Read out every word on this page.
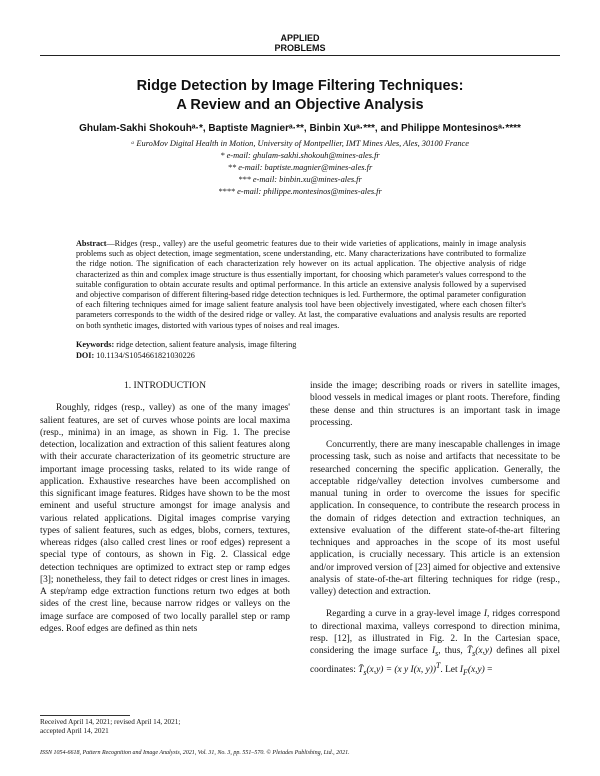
APPLIED
PROBLEMS
Ridge Detection by Image Filtering Techniques:
A Review and an Objective Analysis
Ghulam-Sakhi Shokouhᵃ·*, Baptiste Magnierᵃ·**, Binbin Xuᵃ·***, and Philippe Montesinosᵃ·****
ᵃ EuroMov Digital Health in Motion, University of Montpellier, IMT Mines Ales, Ales, 30100 France
* e-mail: ghulam-sakhi.shokouh@mines-ales.fr
** e-mail: baptiste.magnier@mines-ales.fr
*** e-mail: binbin.xu@mines-ales.fr
**** e-mail: philippe.montesinos@mines-ales.fr
Abstract—Ridges (resp., valley) are the useful geometric features due to their wide varieties of applications, mainly in image analysis problems such as object detection, image segmentation, scene understanding, etc. Many characterizations have contributed to formalize the ridge notion. The signification of each characterization rely however on its actual application. The objective analysis of ridge characterized as thin and complex image structure is thus essentially important, for choosing which parameter's values correspond to the suitable configuration to obtain accurate results and optimal performance. In this article an extensive analysis followed by a supervised and objective comparison of different filtering-based ridge detection techniques is led. Furthermore, the optimal parameter configuration of each filtering techniques aimed for image salient feature analysis tool have been objectively investigated, where each chosen filter's parameters corresponds to the width of the desired ridge or valley. At last, the comparative evaluations and analysis results are reported on both synthetic images, distorted with various types of noises and real images.
Keywords: ridge detection, salient feature analysis, image filtering
DOI: 10.1134/S1054661821030226

1. INTRODUCTION

Roughly, ridges (resp., valley) as one of the many images' salient features, are set of curves whose points are local maxima (resp., minima) in an image, as shown in Fig. 1. The precise detection, localization and extraction of this salient features along with their accurate characterization of its geometric structure are important image processing tasks, related to its wide range of application. Exhaustive researches have been accomplished on this significant image features. Ridges have shown to be the most eminent and useful structure amongst for image analysis and various related applications. Digital images comprise varying types of salient features, such as edges, blobs, corners, textures, whereas ridges (also called crest lines or roof edges) represent a special type of contours, as shown in Fig. 2. Classical edge detection techniques are optimized to extract step or ramp edges [3]; nonetheless, they fail to detect ridges or crest lines in images. A step/ramp edge extraction functions return two edges at both sides of the crest line, because narrow ridges or valleys on the image surface are composed of two locally parallel step or ramp edges. Roof edges are defined as thin nets

inside the image; describing roads or rivers in satellite images, blood vessels in medical images or plant roots. Therefore, finding these dense and thin structures is an important task in image processing.

Concurrently, there are many inescapable challenges in image processing task, such as noise and artifacts that necessitate to be researched concerning the specific application. Generally, the acceptable ridge/valley detection involves cumbersome and manual tuning in order to overcome the issues for specific application. In consequence, to contribute the research process in the domain of ridges detection and extraction techniques, an extensive evaluation of the different state-of-the-art filtering techniques and approaches in the scope of its most useful application, is crucially necessary. This article is an extension and/or improved version of [23] aimed for objective and extensive analysis of state-of-the-art filtering techniques for ridge (resp., valley) detection and extraction.

Regarding a curve in a gray-level image I, ridges correspond to directional maxima, valleys correspond to direction minima, resp. [12], as illustrated in Fig. 2. In the Cartesian space, considering the image surface $I_s$, thus, $T̄_s(x,y)$ defines all pixel coordinates: $T̄_s(x,y) = (x$ y I(x, y))$^T$. Let $I_F(x,y)$ =

Received April 14, 2021; revised April 14, 2021;
accepted April 14, 2021
ISSN 1054-6618, Pattern Recognition and Image Analysis, 2021, Vol. 31, No. 3, pp. 551–570. © Pleiades Publishing, Ltd., 2021.
